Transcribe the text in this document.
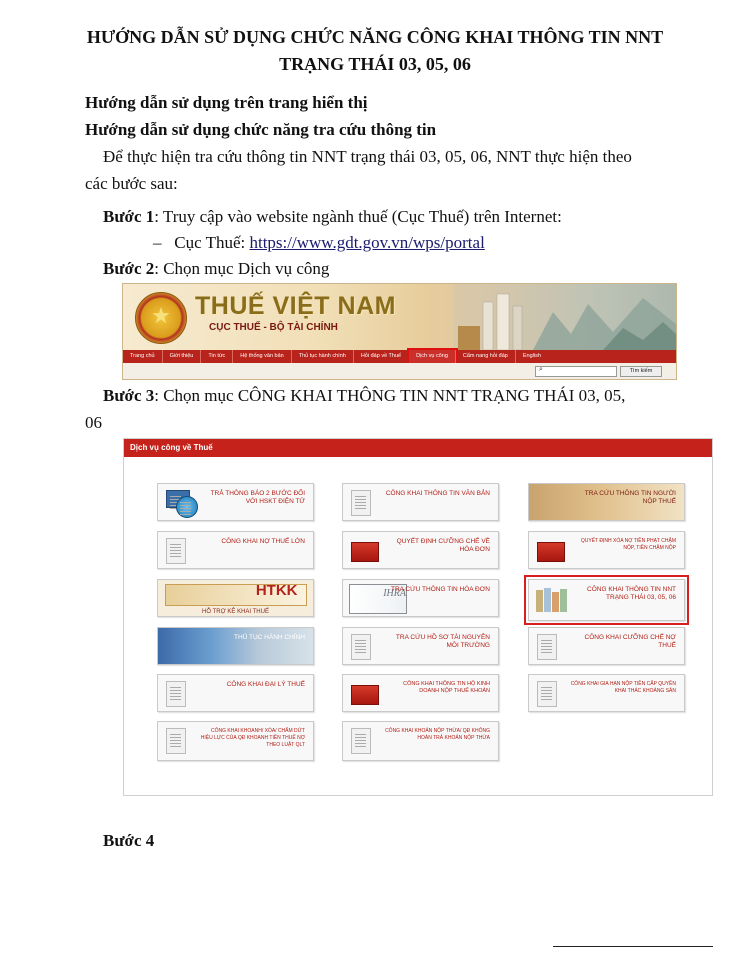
HƯỚNG DẪN SỬ DỤNG CHỨC NĂNG CÔNG KHAI THÔNG TIN NNT
TRẠNG THÁI 03, 05, 06
Hướng dẫn sử dụng trên trang hiển thị
Hướng dẫn sử dụng chức năng tra cứu thông tin
Để thực hiện tra cứu thông tin NNT trạng thái 03, 05, 06, NNT thực hiện theo
các bước sau:
Bước 1: Truy cập vào website ngành thuế (Cục Thuế) trên Internet:
– Cục Thuế: https://www.gdt.gov.vn/wps/portal
Bước 2: Chọn mục Dịch vụ công
★ THUẾ VIỆT NAM
CỤC THUẾ - BỘ TÀI CHÍNH
Trang chủ	Giới thiệu	Tin tức	Hệ thống văn bản	Thủ tục hành chính	Hỏi đáp về Thuế	Dịch vụ công	Cẩm nang hỏi đáp	English
⌕	Tìm kiếm
Bước 3: Chọn mục CÔNG KHAI THÔNG TIN NNT TRẠNG THÁI 03, 05,
06
Dịch vụ công về Thuế
TRẢ THÔNG BÁO 2 BƯỚC ĐỐI VỚI HSKT ĐIỆN TỬ
CÔNG KHAI THÔNG TIN VĂN BẢN	TRA CỨU THÔNG TIN NGƯỜI NỘP THUẾ
CÔNG KHAI NỢ THUẾ LỚN	QUYẾT ĐỊNH CƯỠNG CHẾ VỀ HÓA ĐƠN
QUYẾT ĐỊNH XÓA NỢ TIỀN PHẠT CHẬM NỘP, TIỀN CHẬM NỘP
HTKK
HỖ TRỢ KÊ KHAI THUẾ
IHRA
TRA CỨU THÔNG TIN HÓA ĐƠN	CÔNG KHAI THÔNG TIN NNT TRẠNG THÁI 03, 05, 06
THỦ TỤC HÀNH CHÍNH	TRA CỨU HỒ SƠ TÀI NGUYÊN MÔI TRƯỜNG
CÔNG KHAI CƯỠNG CHẾ NỢ THUẾ
CÔNG KHAI ĐẠI LÝ THUẾ	CÔNG KHAI THÔNG TIN HỘ KINH DOANH NỘP THUẾ KHOÁN
CÔNG KHAI GIA HẠN NỘP TIỀN CẤP QUYỀN KHAI THÁC KHOÁNG SẢN
CÔNG KHAI KHOANH/ XÓA/ CHẤM DỨT HIỆU LỰC CỦA QĐ KHOANH TIỀN THUẾ NỢ THEO LUẬT QLT
CÔNG KHAI KHOẢN NỘP THỪA/ QĐ KHÔNG HOÀN TRẢ KHOẢN NỘP THỪA
Bước 4
